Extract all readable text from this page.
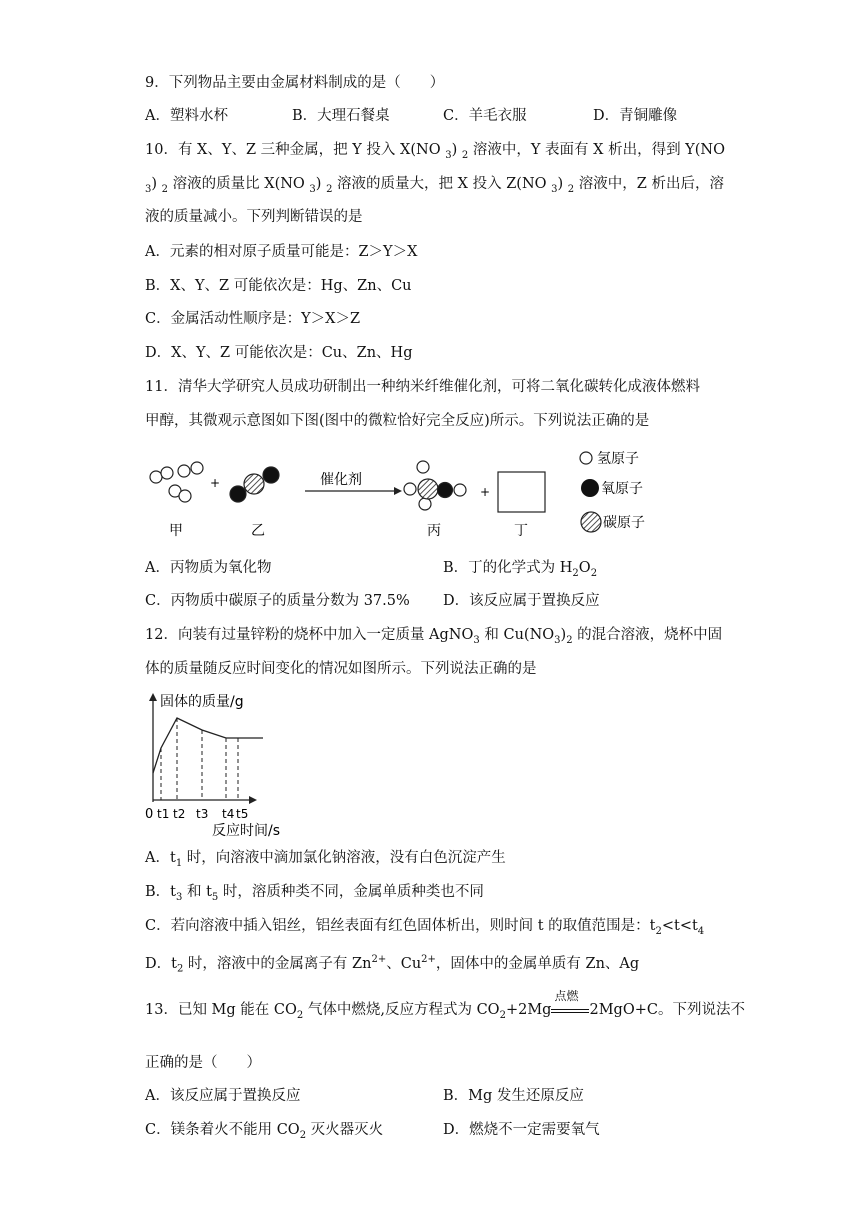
9．下列物品主要由金属材料制成的是（　　）
A．塑料水杯	B．大理石餐桌	C．羊毛衣服	D．青铜雕像
10．有 X、Y、Z 三种金属，把 Y 投入 X(NO $_3$) $_2$ 溶液中，Y 表面有 X 析出，得到 Y(NO
$_3$) $_2$ 溶液的质量比 X(NO $_3$) $_2$ 溶液的质量大，把 X 投入 Z(NO $_3$) $_2$ 溶液中，Z 析出后，溶
液的质量减小。下列判断错误的是
A．元素的相对原子质量可能是：Z＞Y＞X
B．X、Y、Z 可能依次是：Hg、Zn、Cu
C．金属活动性顺序是：Y＞X＞Z
D．X、Y、Z 可能依次是：Cu、Zn、Hg
11．清华大学研究人员成功研制出一种纳米纤维催化剂，可将二氧化碳转化成液体燃料
甲醇，其微观示意图如下图(图中的微粒恰好完全反应)所示。下列说法正确的是
+	催化剂
+
氢原子
氧原子
碳原子
甲	乙	丙	丁
A．丙物质为氧化物	B．丁的化学式为 $H_2O_2$
C．丙物质中碳原子的质量分数为 37.5% D．该反应属于置换反应
12．向装有过量锌粉的烧杯中加入一定质量 AgNO$_3$ 和 $Cu(NO_3)_2$ 的混合溶液，烧杯中固
体的质量随反应时间变化的情况如图所示。下列说法正确的是
固体的质量/g
0 t1 t2 t3 t4 t5
反应时间/s
A．$t_1$ 时，向溶液中滴加氯化钠溶液，没有白色沉淀产生
B．$t_3$ 和 $t_5$ 时，溶质种类不同，金属单质种类也不同
C．若向溶液中插入铝丝，铝丝表面有红色固体析出，则时间 t 的取值范围是：$t_2<t<t_4$
D．$t_2$ 时，溶液中的金属离子有 $Zn^{2+}$、$Cu^{2+}$，固体中的金属单质有 Zn、Ag
13．已知 Mg 能在 $CO_2$ 气体中燃烧,反应方程式为 $CO_2+2Mg$
点燃
2MgO+C。下列说法不
正确的是（　　）
A．该反应属于置换反应	B．Mg 发生还原反应
C．镁条着火不能用 $CO_2$ 灭火器灭火	D．燃烧不一定需要氧气
